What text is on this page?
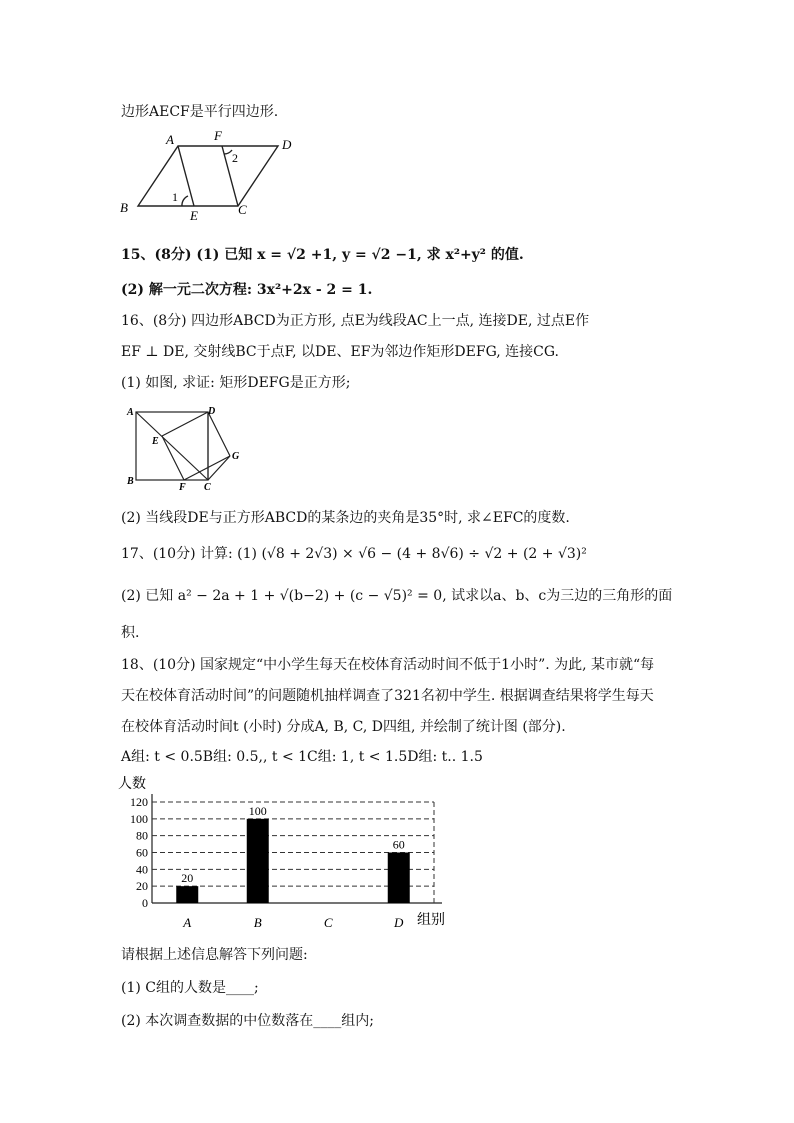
边形AECF是平行四边形.
A	F
D
B
E	C
1
2
15、(8分) (1) 已知 x = √2 +1, y = √2 −1, 求 x²+y² 的值.
(2) 解一元二次方程: 3x²+2x - 2 = 1.
16、(8分) 四边形ABCD为正方形, 点E为线段AC上一点, 连接DE, 过点E作
EF ⊥ DE, 交射线BC于点F, 以DE、EF为邻边作矩形DEFG, 连接CG.
(1) 如图, 求证: 矩形DEFG是正方形;
A	D
E
G
B
F C
(2) 当线段DE与正方形ABCD的某条边的夹角是35°时, 求∠EFC的度数.
17、(10分) 计算: (1) (√8 + 2√3) × √6 − (4 + 8√6) ÷ √2 + (2 + √3)²
(2) 已知 a² − 2a + 1 + √(b−2) + (c − √5)² = 0, 试求以a、b、c为三边的三角形的面
积.
18、(10分) 国家规定“中小学生每天在校体育活动时间不低于1小时”. 为此, 某市就“每
天在校体育活动时间”的问题随机抽样调查了321名初中学生. 根据调查结果将学生每天
在校体育活动时间t (小时) 分成A, B, C, D四组, 并绘制了统计图 (部分).
A组: t < 0.5B组: 0.5,, t < 1C组: 1, t < 1.5D组: t.. 1.5
人数
组别
20
100
60
0
20
40
60
80
100
120
A	B	C	D
请根据上述信息解答下列问题:
(1) C组的人数是____;
(2) 本次调查数据的中位数落在____组内;
